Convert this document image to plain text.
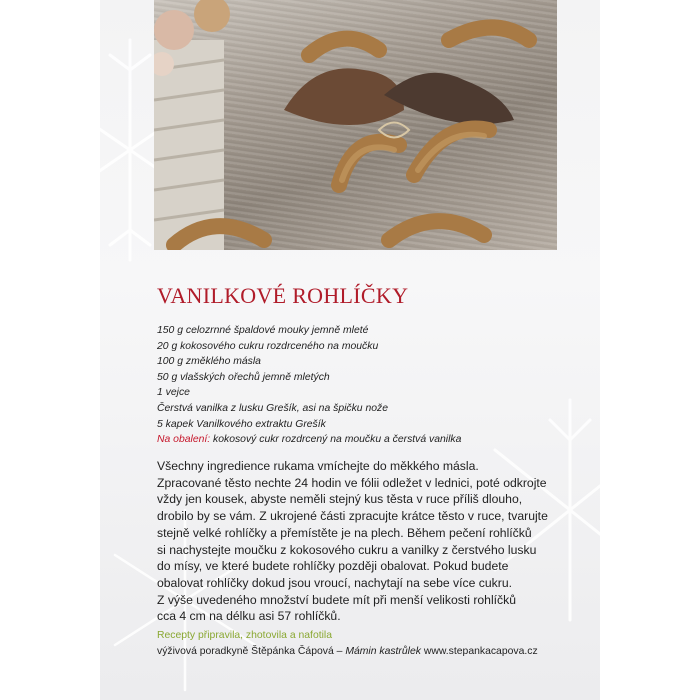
VANILKOVÉ ROHLÍČKY
150 g celozrnné špaldové mouky jemně mleté
20 g kokosového cukru rozdrceného na moučku
100 g změklého másla
50 g vlašských ořechů jemně mletých
1 vejce
Čerstvá vanilka z lusku Grešík, asi na špičku nože
5 kapek Vanilkového extraktu Grešík
Na obalení: kokosový cukr rozdrcený na moučku a čerstvá vanilka
Všechny ingredience rukama vmíchejte do měkkého másla.
Zpracované těsto nechte 24 hodin ve fólii odležet v lednici, poté odkrojte
vždy jen kousek, abyste neměli stejný kus těsta v ruce příliš dlouho,
drobilo by se vám. Z ukrojené části zpracujte krátce těsto v ruce, tvarujte
stejně velké rohlíčky a přemístěte je na plech. Během pečení rohlíčků
si nachystejte moučku z kokosového cukru a vanilky z čerstvého lusku
do mísy, ve které budete rohlíčky později obalovat. Pokud budete
obalovat rohlíčky dokud jsou vroucí, nachytají na sebe více cukru.
Z výše uvedeného množství budete mít při menší velikosti rohlíčků
cca 4 cm na délku asi 57 rohlíčků.
Recepty připravila, zhotovila a nafotila
výživová poradkyně Štěpánka Čápová – Mámin kastrůlek www.stepankacapova.cz
